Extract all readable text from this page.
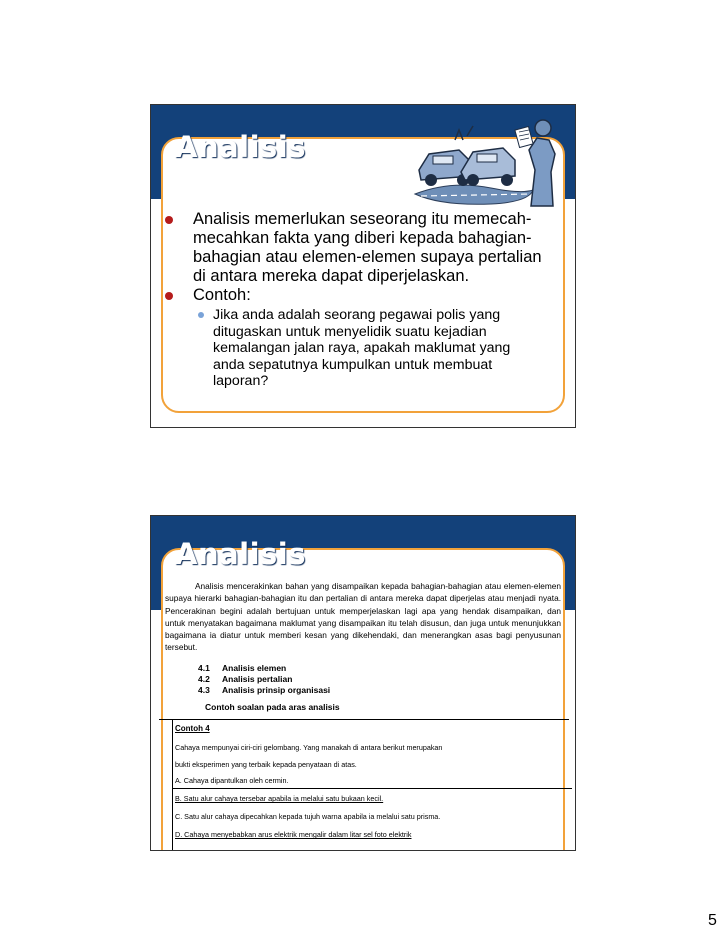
Analisis
Analisis memerlukan seseorang itu memecah-mecahkan fakta yang diberi kepada bahagian-bahagian atau elemen-elemen supaya pertalian di antara mereka dapat diperjelaskan.
Contoh:
Jika anda adalah seorang pegawai polis yang ditugaskan untuk menyelidik suatu kejadian kemalangan jalan raya, apakah maklumat yang anda sepatutnya kumpulkan untuk membuat laporan?
Analisis
Analisis mencerakinkan bahan yang disampaikan kepada bahagian-bahagian atau elemen-elemen supaya hierarki bahagian-bahagian itu dan pertalian di antara mereka dapat diperjelas atau menjadi nyata. Pencerakinan begini adalah bertujuan untuk memperjelaskan lagi apa yang hendak disampaikan, dan untuk menyatakan bagaimana maklumat yang disampaikan itu telah disusun, dan juga untuk menunjukkan bagaimana ia diatur untuk memberi kesan yang dikehendaki, dan menerangkan asas bagi penyusunan tersebut.
4.1 Analisis elemen
4.2 Analisis pertalian
4.3 Analisis prinsip organisasi
Contoh soalan pada aras analisis
Contoh 4
Cahaya mempunyai ciri-ciri gelombang. Yang manakah di antara berikut merupakan
bukti eksperimen yang terbaik kepada penyataan di atas.
A. Cahaya dipantulkan oleh cermin.
B. Satu alur cahaya tersebar apabila ia melalui satu bukaan kecil.
C. Satu alur cahaya dipecahkan kepada tujuh warna apabila ia melalui satu prisma.
D. Cahaya menyebabkan arus elektrik mengalir dalam litar sel foto elektrik
5
